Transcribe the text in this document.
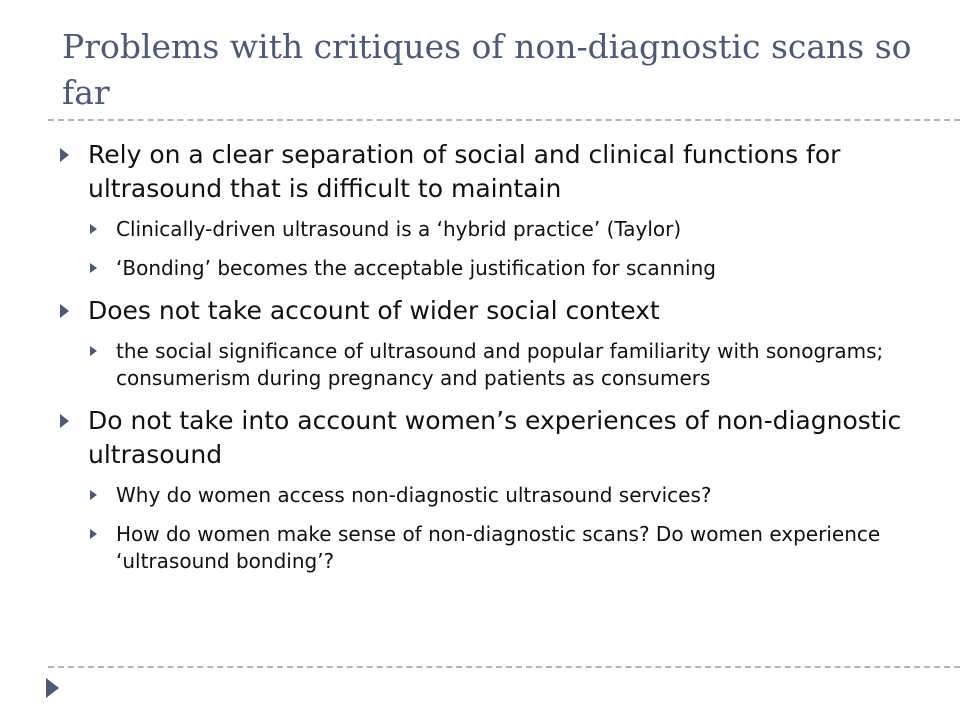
Problems with critiques of non-diagnostic scans so far
Rely on a clear separation of social and clinical functions for ultrasound that is difficult to maintain
Clinically-driven ultrasound is a ‘hybrid practice’ (Taylor)
‘Bonding’ becomes the acceptable justification for scanning
Does not take account of wider social context
the social significance of ultrasound and popular familiarity with sonograms; consumerism during pregnancy and patients as consumers
Do not take into account women’s experiences of non-diagnostic ultrasound
Why do women access non-diagnostic ultrasound services?
How do women make sense of non-diagnostic scans? Do women experience ‘ultrasound bonding’?
